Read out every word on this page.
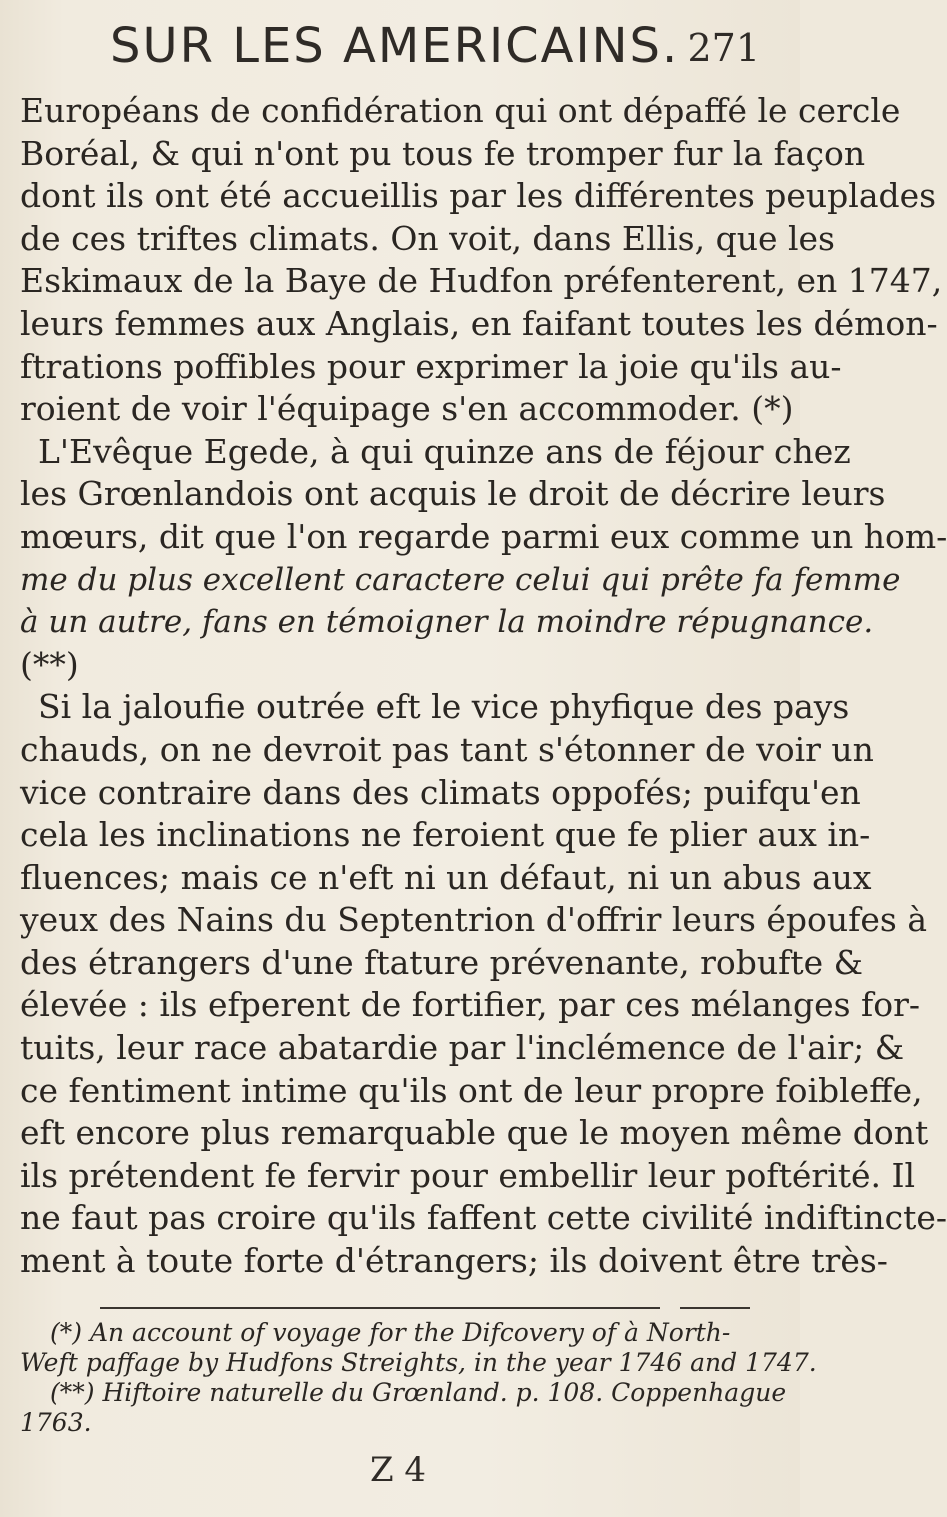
SUR LES AMERICAINS. 271
Européans de confidération qui ont dépaffé le cercle
Boréal, & qui n'ont pu tous fe tromper fur la façon
dont ils ont été accueillis par les différentes peuplades
de ces triftes climats. On voit, dans Ellis, que les
Eskimaux de la Baye de Hudfon préfenterent, en 1747,
leurs femmes aux Anglais, en faifant toutes les démon-
ftrations poffibles pour exprimer la joie qu'ils au-
roient de voir l'équipage s'en accommoder. (*)
L'Evêque Egede, à qui quinze ans de féjour chez
les Grœnlandois ont acquis le droit de décrire leurs
mœurs, dit que l'on regarde parmi eux comme un hom-
me du plus excellent caractere celui qui prête fa femme
à un autre, fans en témoigner la moindre répugnance.
(**)
Si la jaloufie outrée eft le vice phyfique des pays
chauds, on ne devroit pas tant s'étonner de voir un
vice contraire dans des climats oppofés; puifqu'en
cela les inclinations ne feroient que fe plier aux in-
fluences; mais ce n'eft ni un défaut, ni un abus aux
yeux des Nains du Septentrion d'offrir leurs époufes à
des étrangers d'une ftature prévenante, robufte &
élevée : ils efperent de fortifier, par ces mélanges for-
tuits, leur race abatardie par l'inclémence de l'air; &
ce fentiment intime qu'ils ont de leur propre foibleffe,
eft encore plus remarquable que le moyen même dont
ils prétendent fe fervir pour embellir leur poftérité. Il
ne faut pas croire qu'ils faffent cette civilité indiftincte-
ment à toute forte d'étrangers; ils doivent être très-
(*) An account of voyage for the Difcovery of à North-
Weft paffage by Hudfons Streights, in the year 1746 and 1747.
(**) Hiftoire naturelle du Grœnland. p. 108. Coppenhague
1763.
Z 4
